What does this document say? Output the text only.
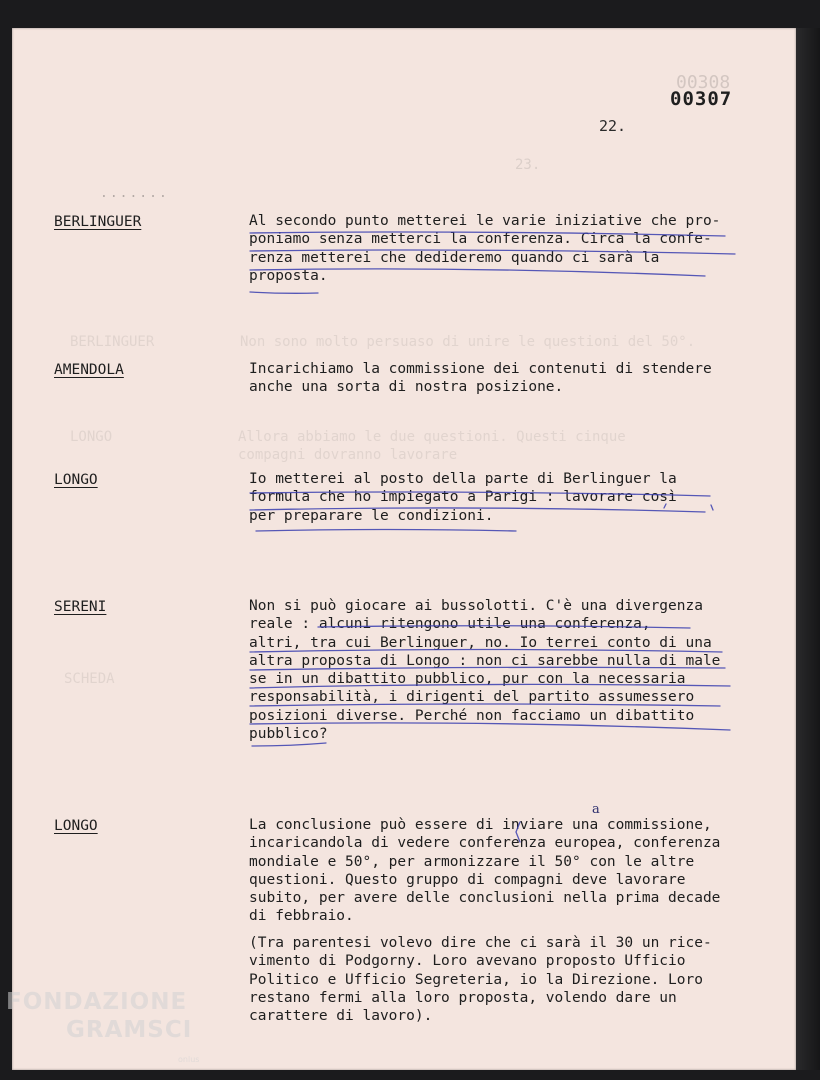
00308
23.
BERLINGUER	Non sono molto persuaso di unire le questioni del 50°.
LONGO	Allora abbiamo le due questioni. Questi cinque
compagni dovranno lavorare
SCHEDA
00307
22.
.......
BERLINGUER	Al secondo punto metterei le varie iniziative che pro-
poniamo senza metterci la conferenza. Circa la confe-
renza metterei che dedideremo quando ci sarà la
proposta.

AMENDOLA	Incarichiamo la commissione dei contenuti di stendere
anche una sorta di nostra posizione.

LONGO	Io metterei al posto della parte di Berlinguer la
formula che ho impiegato a Parigi : lavorare così
per preparare le condizioni.

SERENI	Non si può giocare ai bussolotti. C'è una divergenza
reale : alcuni ritengono utile una conferenza,
altri, tra cui Berlinguer, no. Io terrei conto di una
altra proposta di Longo : non ci sarebbe nulla di male
se in un dibattito pubblico, pur con la necessaria
responsabilità, i dirigenti del partito assumessero
posizioni diverse. Perché non facciamo un dibattito
pubblico?

LONGO	La conclusione può essere di inviare una commissione,
incaricandola di vedere conferenza europea, conferenza
mondiale e 50°, per armonizzare il 50° con le altre
questioni. Questo gruppo di compagni deve lavorare
subito, per avere delle conclusioni nella prima decade
di febbraio.

(Tra parentesi volevo dire che ci sarà il 30 un rice-
vimento di Podgorny. Loro avevano proposto Ufficio
Politico e Ufficio Segreteria, io la Direzione. Loro
restano fermi alla loro proposta, volendo dare un
carattere di lavoro).

a
FONDAZIONE
GRAMSCI
onlus
